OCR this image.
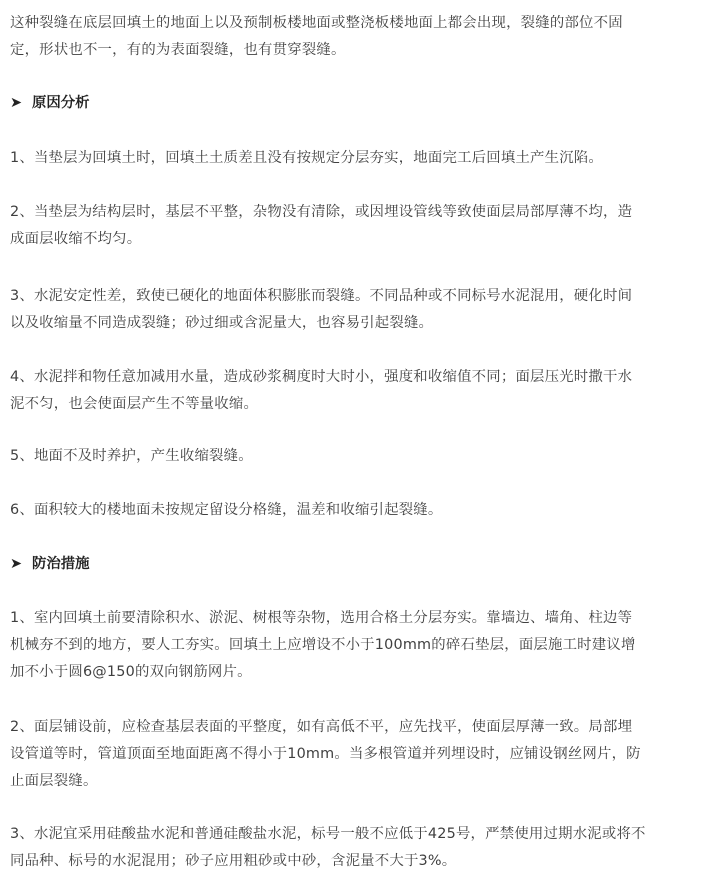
这种裂缝在底层回填土的地面上以及预制板楼地面或整浇板楼地面上都会出现，裂缝的部位不固
定，形状也不一，有的为表面裂缝，也有贯穿裂缝。

➤ 原因分析

1、当垫层为回填土时，回填土土质差且没有按规定分层夯实，地面完工后回填土产生沉陷。

2、当垫层为结构层时，基层不平整，杂物没有清除，或因埋设管线等致使面层局部厚薄不均，造
成面层收缩不均匀。

3、水泥安定性差，致使已硬化的地面体积膨胀而裂缝。不同品种或不同标号水泥混用，硬化时间
以及收缩量不同造成裂缝；砂过细或含泥量大，也容易引起裂缝。

4、水泥拌和物任意加减用水量，造成砂浆稠度时大时小，强度和收缩值不同；面层压光时撒干水
泥不匀，也会使面层产生不等量收缩。

5、地面不及时养护，产生收缩裂缝。

6、面积较大的楼地面未按规定留设分格缝，温差和收缩引起裂缝。

➤ 防治措施

1、室内回填土前要清除积水、淤泥、树根等杂物，选用合格土分层夯实。靠墙边、墙角、柱边等
机械夯不到的地方，要人工夯实。回填土上应增设不小于100mm的碎石垫层，面层施工时建议增
加不小于圆6@150的双向钢筋网片。

2、面层铺设前，应检查基层表面的平整度，如有高低不平，应先找平，使面层厚薄一致。局部埋
设管道等时，管道顶面至地面距离不得小于10mm。当多根管道并列埋设时，应铺设钢丝网片，防
止面层裂缝。

3、水泥宜采用硅酸盐水泥和普通硅酸盐水泥，标号一般不应低于425号，严禁使用过期水泥或将不
同品种、标号的水泥混用；砂子应用粗砂或中砂，含泥量不大于3%。
